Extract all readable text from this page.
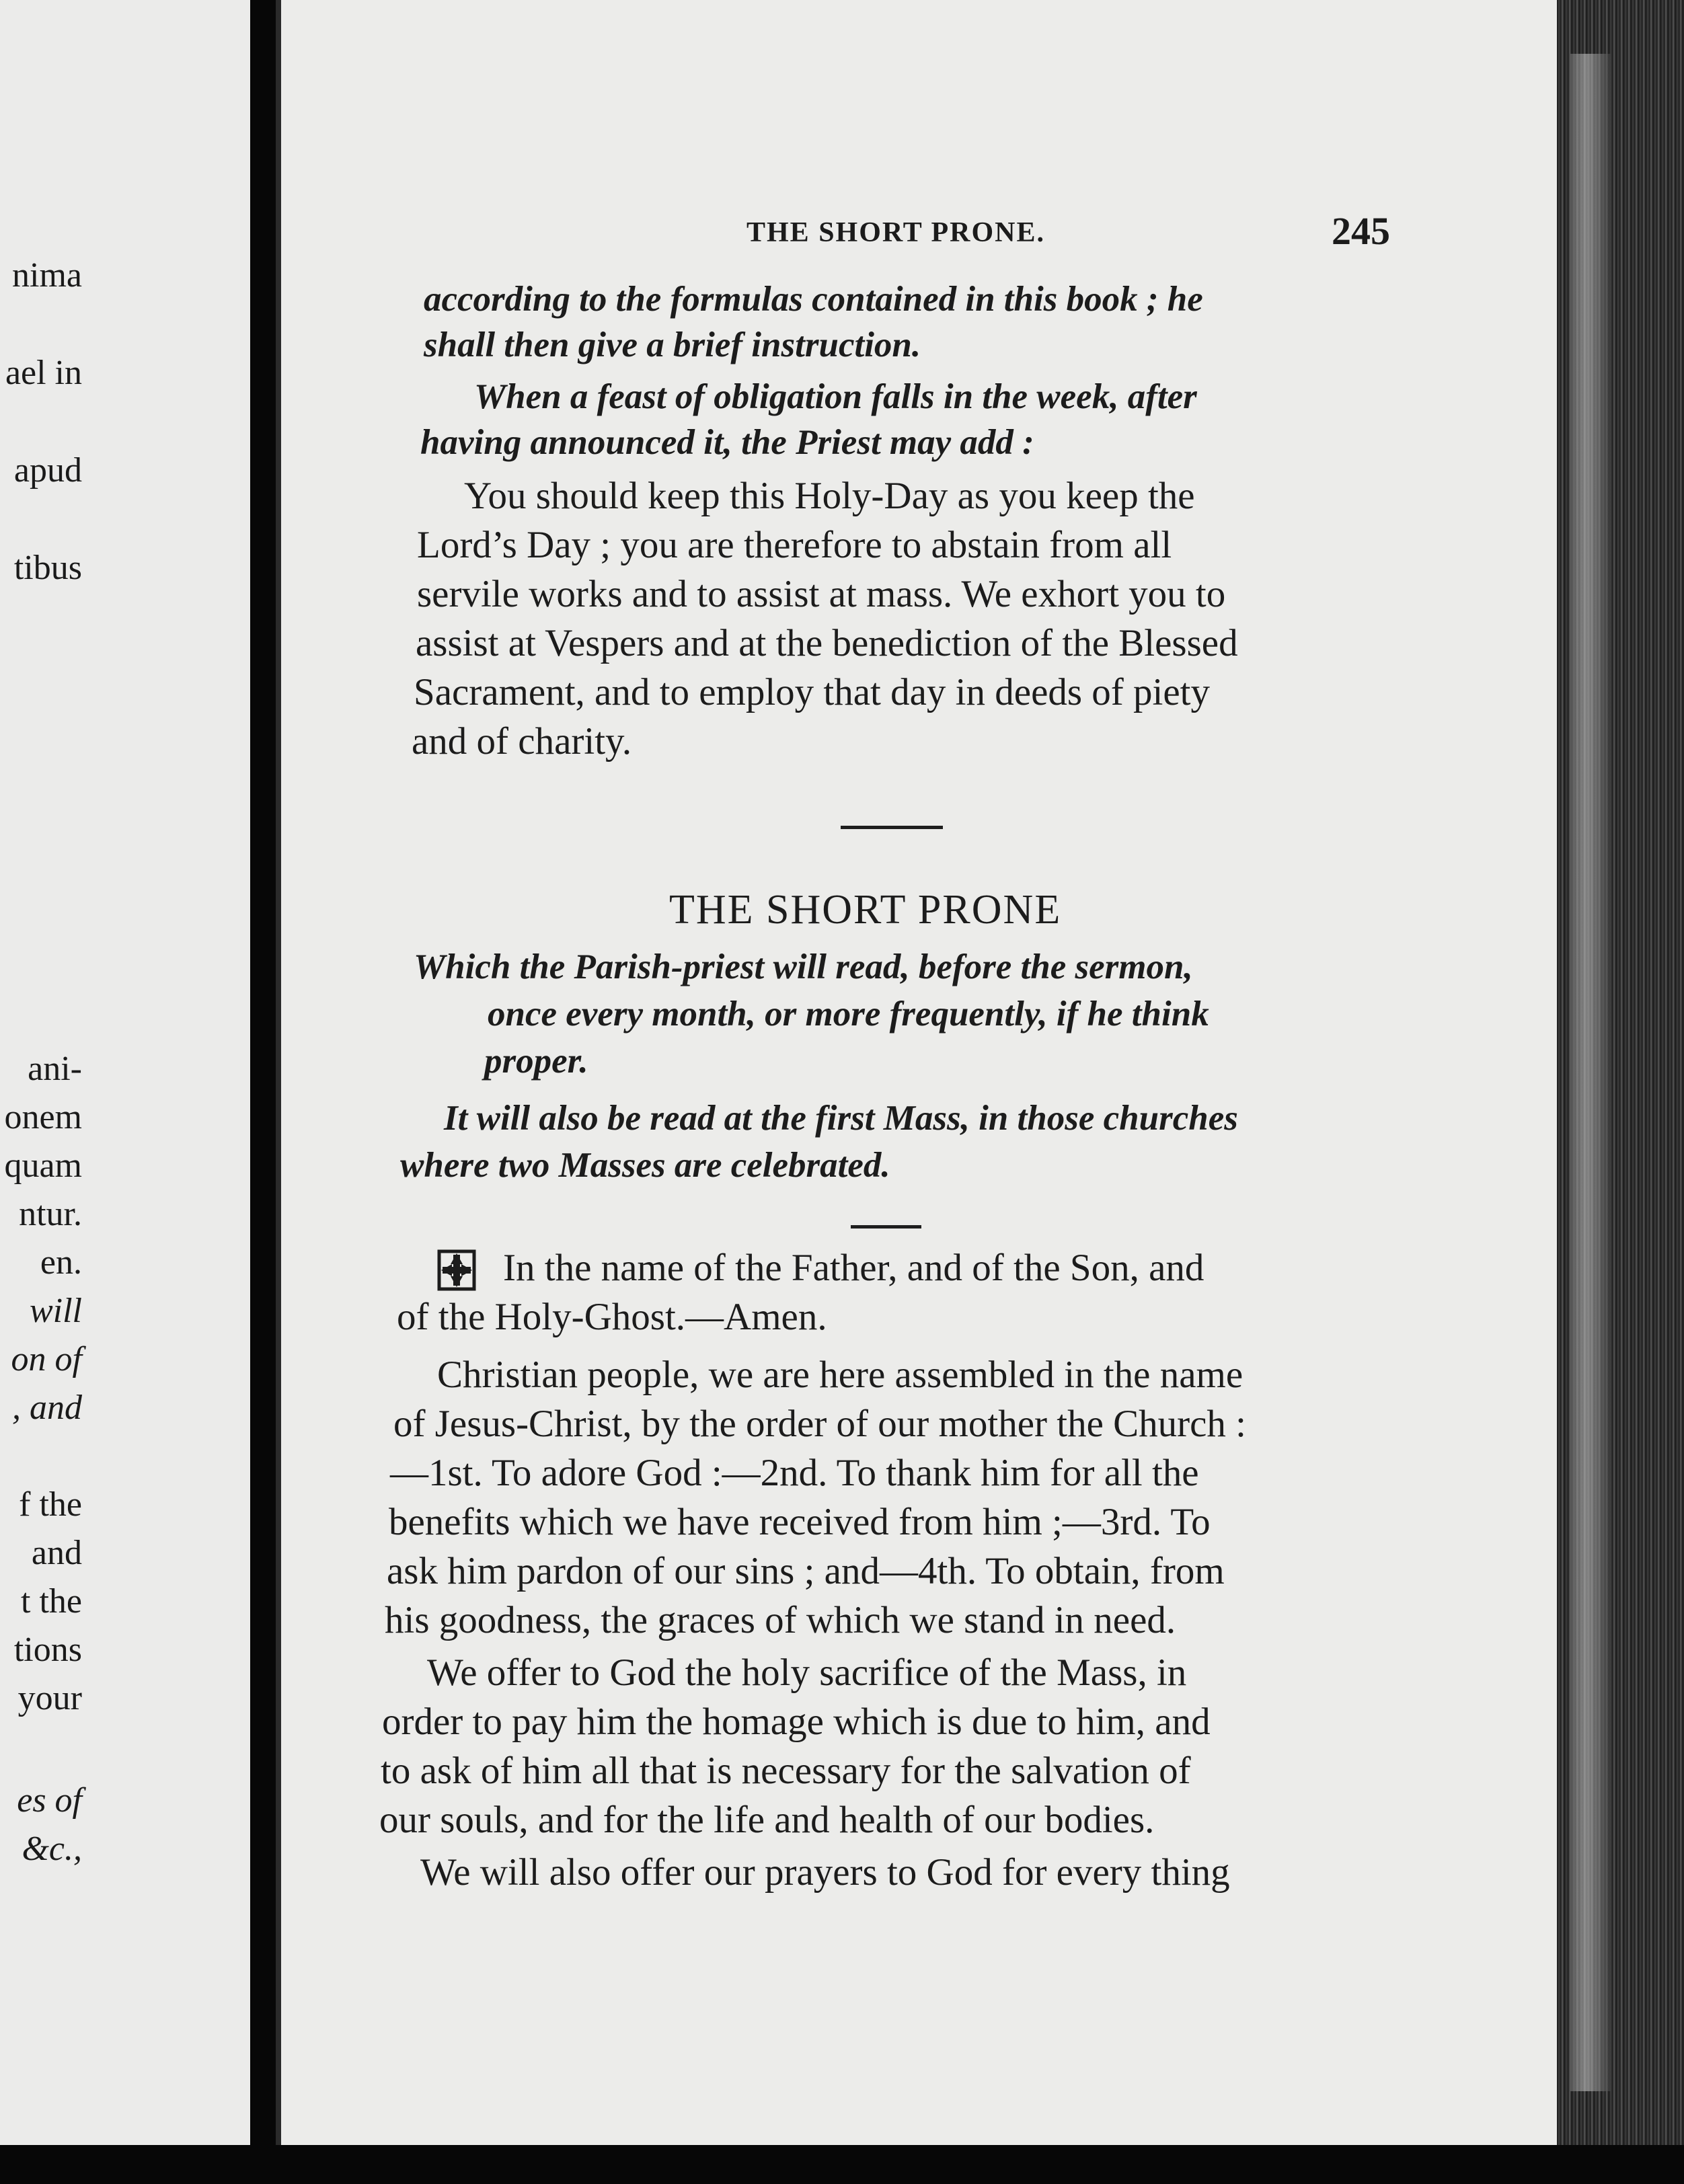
nima
ael in
apud
tibus
ani-
onem
quam
ntur.
en.
will
on of
, and
f the
and
t the
tions
your
es of
&c.,
THE SHORT PRONE.	245
according to the formulas contained in this book ; he
shall then give a brief instruction.
When a feast of obligation falls in the week, after
having announced it, the Priest may add :
You should keep this Holy-Day as you keep the
Lord’s Day ; you are therefore to abstain from all
servile works and to assist at mass. We exhort you to
assist at Vespers and at the benediction of the Blessed
Sacrament, and to employ that day in deeds of piety
and of charity.
THE SHORT PRONE
Which the Parish-priest will read, before the sermon,
once every month, or more frequently, if he think
proper.
It will also be read at the first Mass, in those churches
where two Masses are celebrated.
In the name of the Father, and of the Son, and
of the Holy-Ghost.—Amen.
Christian people, we are here assembled in the name
of Jesus-Christ, by the order of our mother the Church :
—1st. To adore God :—2nd. To thank him for all the
benefits which we have received from him ;—3rd. To
ask him pardon of our sins ; and—4th. To obtain, from
his goodness, the graces of which we stand in need.
We offer to God the holy sacrifice of the Mass, in
order to pay him the homage which is due to him, and
to ask of him all that is necessary for the salvation of
our souls, and for the life and health of our bodies.
We will also offer our prayers to God for every thing
